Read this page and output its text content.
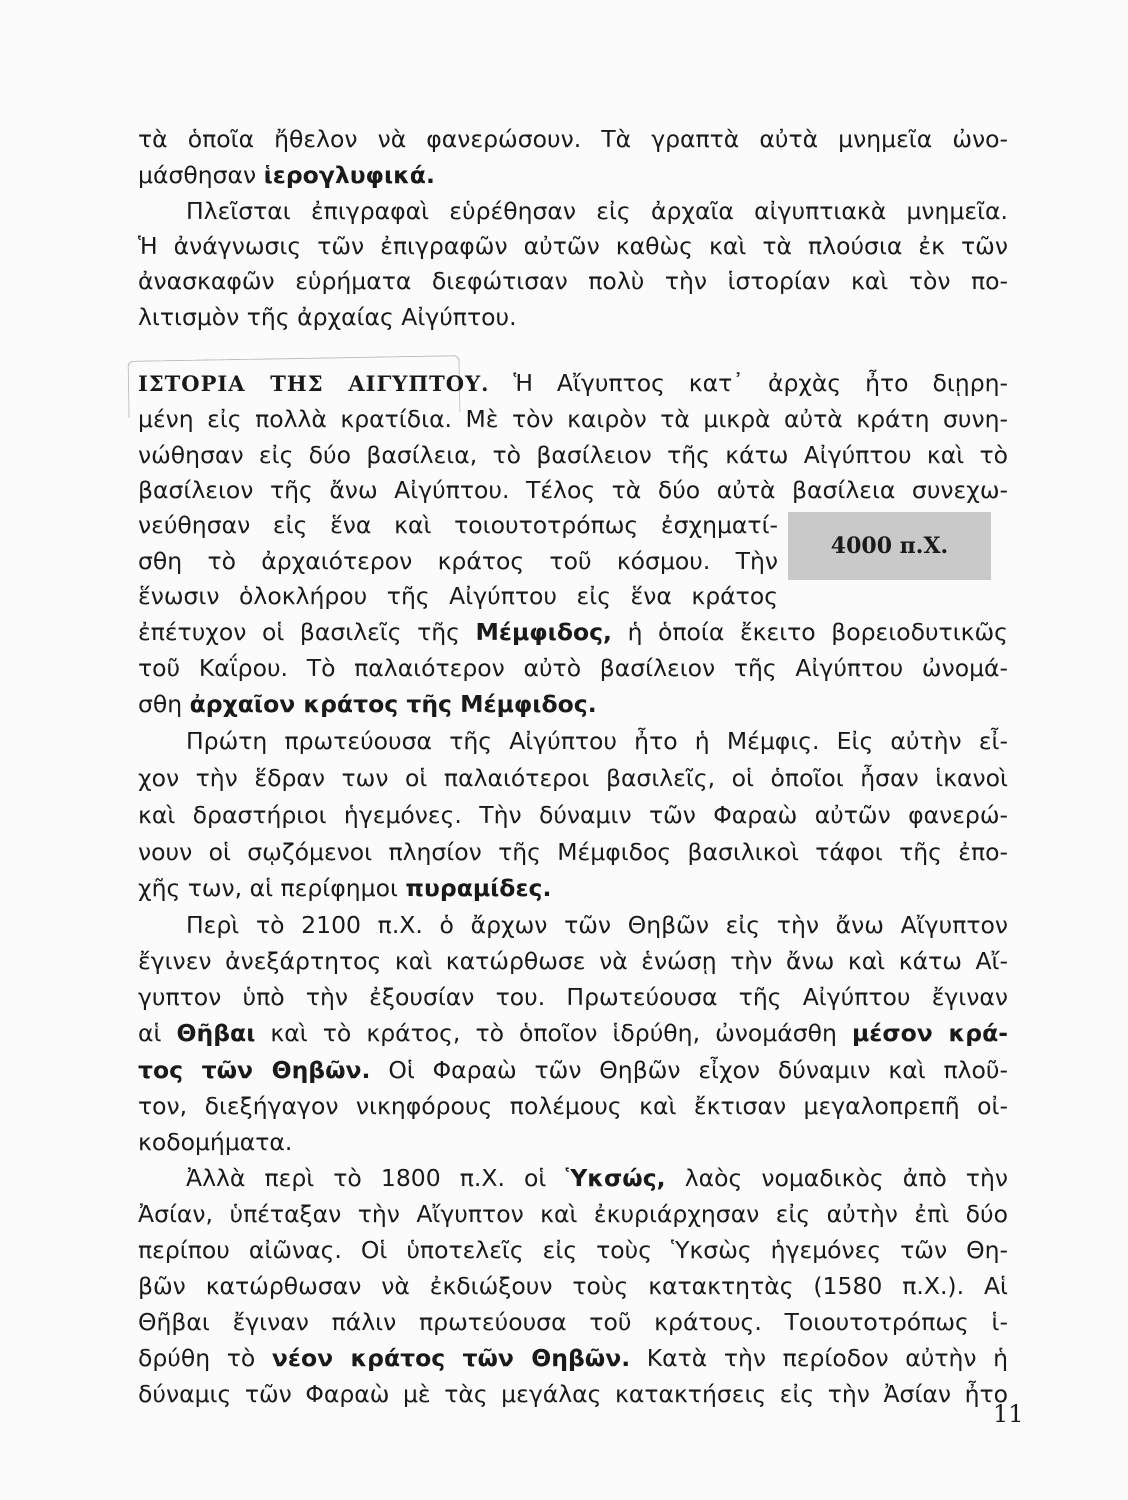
τὰ ὁποῖα ἤθελον νὰ φανερώσουν. Τὰ γραπτὰ αὐτὰ μνημεῖα ὠνο-
μάσθησαν ἱερογλυφικά.
Πλεῖσται ἐπιγραφαὶ εὑρέθησαν εἰς ἀρχαῖα αἰγυπτιακὰ μνημεῖα.
Ἡ ἀνάγνωσις τῶν ἐπιγραφῶν αὐτῶν καθὼς καὶ τὰ πλούσια ἐκ τῶν
ἀνασκαφῶν εὑρήματα διεφώτισαν πολὺ τὴν ἱστορίαν καὶ τὸν πο-
λιτισμὸν τῆς ἀρχαίας Αἰγύπτου.
ΙΣΤΟΡΙΑ ΤΗΣ ΑΙΓΥΠΤΟΥ. Ἡ Αἴγυπτος κατ᾽ ἀρχὰς ἦτο διῃρη-
μένη εἰς πολλὰ κρατίδια. Μὲ τὸν καιρὸν τὰ μικρὰ αὐτὰ κράτη συνη-
νώθησαν εἰς δύο βασίλεια, τὸ βασίλειον τῆς κάτω Αἰγύπτου καὶ τὸ
βασίλειον τῆς ἄνω Αἰγύπτου. Τέλος τὰ δύο αὐτὰ βασίλεια συνεχω-
νεύθησαν εἰς ἕνα καὶ τοιουτοτρόπως ἐσχηματί-
σθη τὸ ἀρχαιότερον κράτος τοῦ κόσμου. Τὴν
ἕνωσιν ὁλοκλήρου τῆς Αἰγύπτου εἰς ἕνα κράτος
4000 π.Χ.
ἐπέτυχον οἱ βασιλεῖς τῆς Μέμφιδος, ἡ ὁποία ἔκειτο βορειοδυτικῶς
τοῦ Καΐρου. Τὸ παλαιότερον αὐτὸ βασίλειον τῆς Αἰγύπτου ὠνομά-
σθη ἀρχαῖον κράτος τῆς Μέμφιδος.
Πρώτη πρωτεύουσα τῆς Αἰγύπτου ἦτο ἡ Μέμφις. Εἰς αὐτὴν εἶ-
χον τὴν ἕδραν των οἱ παλαιότεροι βασιλεῖς, οἱ ὁποῖοι ἦσαν ἱκανοὶ
καὶ δραστήριοι ἡγεμόνες. Τὴν δύναμιν τῶν Φαραὼ αὐτῶν φανερώ-
νουν οἱ σῳζόμενοι πλησίον τῆς Μέμφιδος βασιλικοὶ τάφοι τῆς ἐπο-
χῆς των, αἱ περίφημοι πυραμίδες.
Περὶ τὸ 2100 π.Χ. ὁ ἄρχων τῶν Θηβῶν εἰς τὴν ἄνω Αἴγυπτον
ἔγινεν ἀνεξάρτητος καὶ κατώρθωσε νὰ ἑνώσῃ τὴν ἄνω καὶ κάτω Αἴ-
γυπτον ὑπὸ τὴν ἐξουσίαν του. Πρωτεύουσα τῆς Αἰγύπτου ἔγιναν
αἱ Θῆβαι καὶ τὸ κράτος, τὸ ὁποῖον ἱδρύθη, ὠνομάσθη μέσον κρά-
τος τῶν Θηβῶν. Οἱ Φαραὼ τῶν Θηβῶν εἶχον δύναμιν καὶ πλοῦ-
τον, διεξήγαγον νικηφόρους πολέμους καὶ ἔκτισαν μεγαλοπρεπῆ οἰ-
κοδομήματα.
Ἀλλὰ περὶ τὸ 1800 π.Χ. οἱ Ὑκσώς, λαὸς νομαδικὸς ἀπὸ τὴν
Ἀσίαν, ὑπέταξαν τὴν Αἴγυπτον καὶ ἐκυριάρχησαν εἰς αὐτὴν ἐπὶ δύο
περίπου αἰῶνας. Οἱ ὑποτελεῖς εἰς τοὺς Ὑκσὼς ἡγεμόνες τῶν Θη-
βῶν κατώρθωσαν νὰ ἐκδιώξουν τοὺς κατακτητὰς (1580 π.Χ.). Αἱ
Θῆβαι ἔγιναν πάλιν πρωτεύουσα τοῦ κράτους. Τοιουτοτρόπως ἱ-
δρύθη τὸ νέον κράτος τῶν Θηβῶν. Κατὰ τὴν περίοδον αὐτὴν ἡ
δύναμις τῶν Φαραὼ μὲ τὰς μεγάλας κατακτήσεις εἰς τὴν Ἀσίαν ἦτο
11
